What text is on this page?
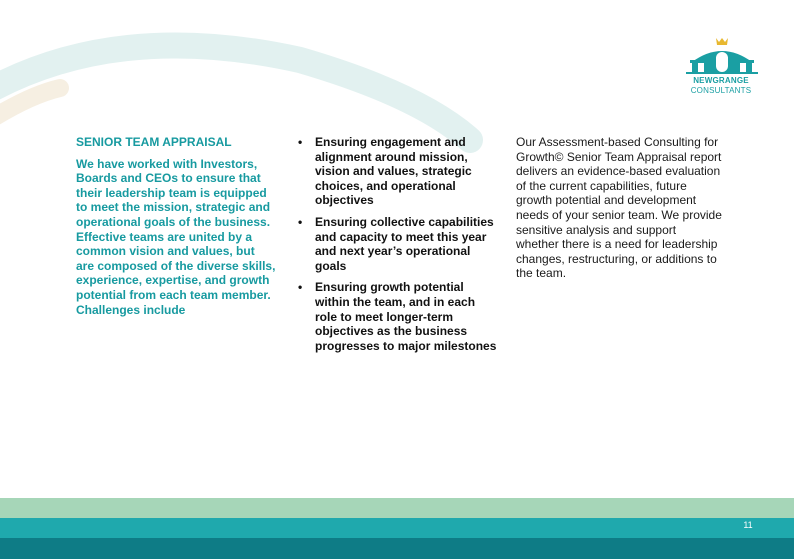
NEWGRANGE
CONSULTANTS

SENIOR TEAM APPRAISAL

We have worked with Investors, Boards and CEOs to ensure that their leadership team is equipped to meet the mission, strategic and operational goals of the business. Effective teams are united by a common vision and values, but are composed of the diverse skills, experience, expertise, and growth potential from each team member. Challenges include

• Ensuring engagement and alignment around mission, vision and values, strategic choices, and operational objectives
• Ensuring collective capabilities and capacity to meet this year and next year’s operational goals
• Ensuring growth potential within the team, and in each role to meet longer-term objectives as the business progresses to major milestones

Our Assessment-based Consulting for Growth© Senior Team Appraisal report delivers an evidence-based evaluation of the current capabilities, future growth potential and development needs of your senior team. We provide sensitive analysis and support whether there is a need for leadership changes, restructuring, or additions to the team.

11
